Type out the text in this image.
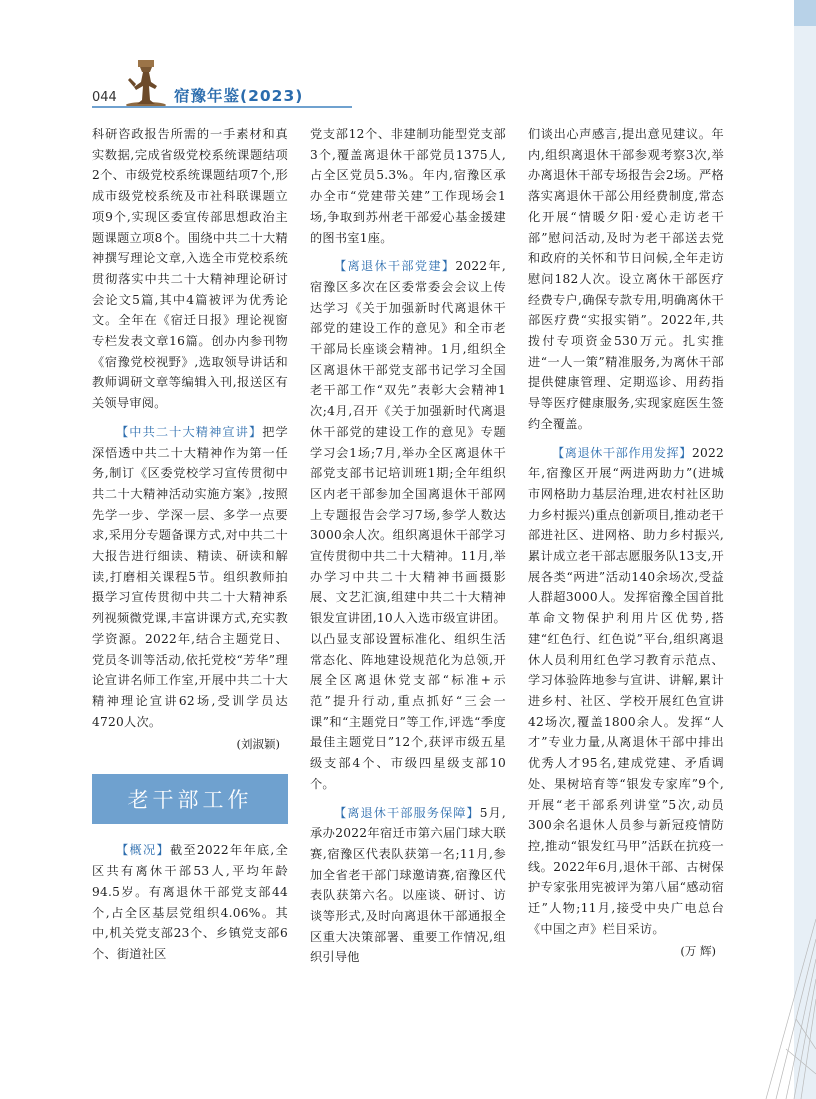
044	宿豫年鉴(2023)

科研咨政报告所需的一手素材和真实数据,完成省级党校系统课题结项2个、市级党校系统课题结项7个,形成市级党校系统及市社科联课题立项9个,实现区委宣传部思想政治主题课题立项8个。围绕中共二十大精神撰写理论文章,入选全市党校系统贯彻落实中共二十大精神理论研讨会论文5篇,其中4篇被评为优秀论文。全年在《宿迁日报》理论视窗专栏发表文章16篇。创办内参刊物《宿豫党校视野》,选取领导讲话和教师调研文章等编辑入刊,报送区有关领导审阅。

【中共二十大精神宣讲】把学深悟透中共二十大精神作为第一任务,制订《区委党校学习宣传贯彻中共二十大精神活动实施方案》,按照先学一步、学深一层、多学一点要求,采用分专题备课方式,对中共二十大报告进行细读、精读、研读和解读,打磨相关课程5节。组织教师拍摄学习宣传贯彻中共二十大精神系列视频微党课,丰富讲课方式,充实教学资源。2022年,结合主题党日、党员冬训等活动,依托党校“芳华”理论宣讲名师工作室,开展中共二十大精神理论宣讲62场,受训学员达4720人次。

(刘淑颖)
老干部工作

【概况】截至2022年年底,全区共有离休干部53人,平均年龄94.5岁。有离退休干部党支部44个,占全区基层党组织4.06%。其中,机关党支部23个、乡镇党支部6个、街道社区

党支部12个、非建制功能型党支部3个,覆盖离退休干部党员1375人,占全区党员5.3%。年内,宿豫区承办全市“党建带关建”工作现场会1场,争取到苏州老干部爱心基金援建的图书室1座。

【离退休干部党建】2022年,宿豫区多次在区委常委会会议上传达学习《关于加强新时代离退休干部党的建设工作的意见》和全市老干部局长座谈会精神。1月,组织全区离退休干部党支部书记学习全国老干部工作“双先”表彰大会精神1次;4月,召开《关于加强新时代离退休干部党的建设工作的意见》专题学习会1场;7月,举办全区离退休干部党支部书记培训班1期;全年组织区内老干部参加全国离退休干部网上专题报告会学习7场,参学人数达3000余人次。组织离退休干部学习宣传贯彻中共二十大精神。11月,举办学习中共二十大精神书画摄影展、文艺汇演,组建中共二十大精神银发宣讲团,10人入选市级宣讲团。以凸显支部设置标准化、组织生活常态化、阵地建设规范化为总领,开展全区离退休党支部“标准+示范”提升行动,重点抓好“三会一课”和“主题党日”等工作,评选“季度最佳主题党日”12个,获评市级五星级支部4个、市级四星级支部10个。

【离退休干部服务保障】5月,承办2022年宿迁市第六届门球大联赛,宿豫区代表队获第一名;11月,参加全省老干部门球邀请赛,宿豫区代表队获第六名。以座谈、研讨、访谈等形式,及时向离退休干部通报全区重大决策部署、重要工作情况,组织引导他

们谈出心声感言,提出意见建议。年内,组织离退休干部参观考察3次,举办离退休干部专场报告会2场。严格落实离退休干部公用经费制度,常态化开展“情暖夕阳·爱心走访老干部”慰问活动,及时为老干部送去党和政府的关怀和节日问候,全年走访慰问182人次。设立离休干部医疗经费专户,确保专款专用,明确离休干部医疗费“实报实销”。2022年,共拨付专项资金530万元。扎实推进“一人一策”精准服务,为离休干部提供健康管理、定期巡诊、用药指导等医疗健康服务,实现家庭医生签约全覆盖。

【离退休干部作用发挥】2022年,宿豫区开展“两进两助力”(进城市网格助力基层治理,进农村社区助力乡村振兴)重点创新项目,推动老干部进社区、进网格、助力乡村振兴,累计成立老干部志愿服务队13支,开展各类“两进”活动140余场次,受益人群超3000人。发挥宿豫全国首批革命文物保护利用片区优势,搭建“红色行、红色说”平台,组织离退休人员利用红色学习教育示范点、学习体验阵地参与宣讲、讲解,累计进乡村、社区、学校开展红色宣讲42场次,覆盖1800余人。发挥“人才”专业力量,从离退休干部中排出优秀人才95名,建成党建、矛盾调处、果树培育等“银发专家库”9个,开展“老干部系列讲堂”5次,动员300余名退休人员参与新冠疫情防控,推动“银发红马甲”活跃在抗疫一线。2022年6月,退休干部、古树保护专家张用宪被评为第八届“感动宿迁”人物;11月,接受中央广电总台《中国之声》栏目采访。

(万 辉)
